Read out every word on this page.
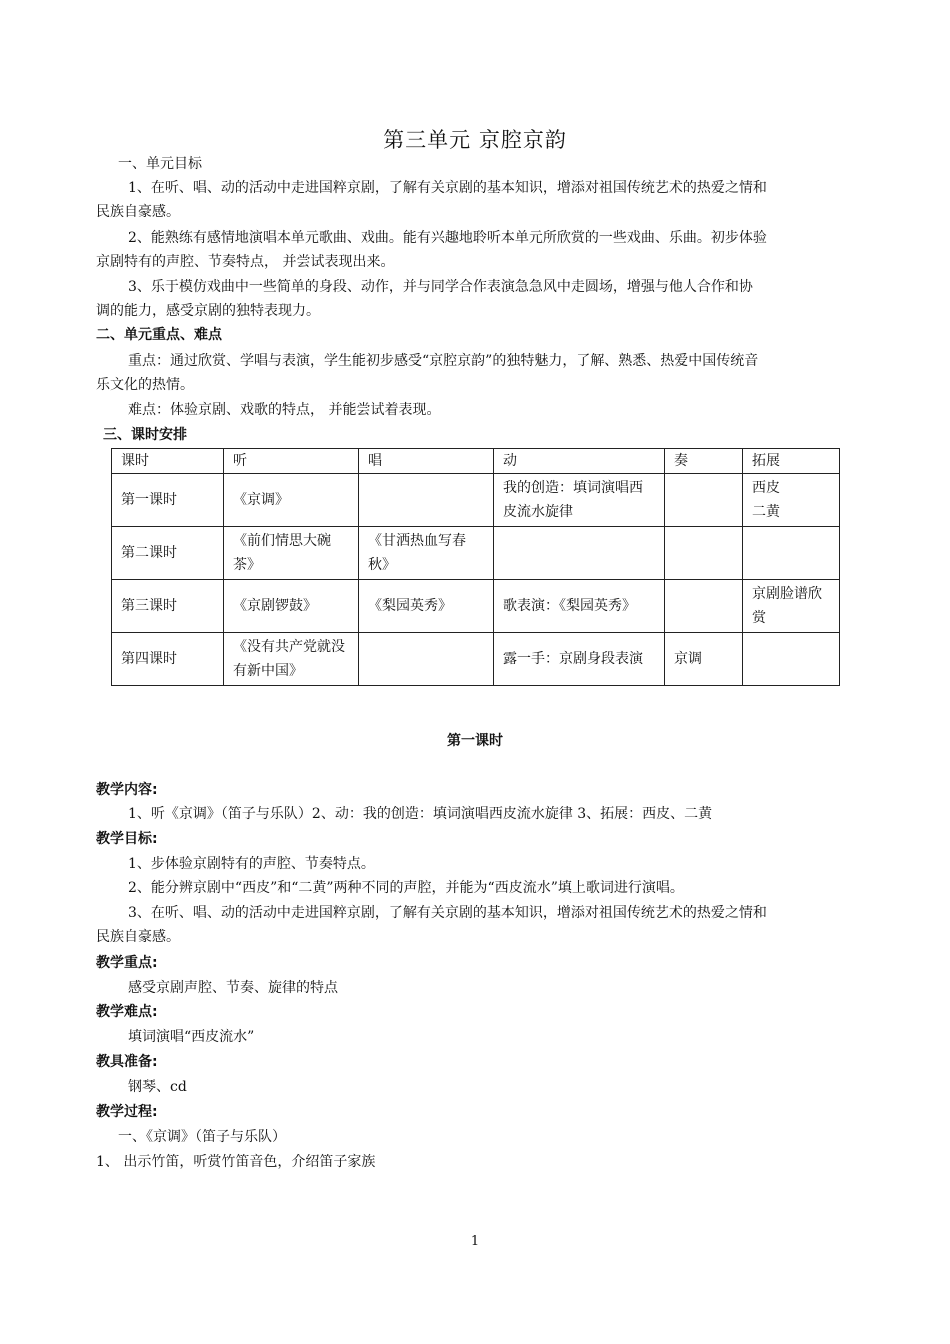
第三单元 京腔京韵
一、单元目标
1、在听、唱、动的活动中走进国粹京剧，了解有关京剧的基本知识，增添对祖国传统艺术的热爱之情和
民族自豪感。
2、能熟练有感情地演唱本单元歌曲、戏曲。能有兴趣地聆听本单元所欣赏的一些戏曲、乐曲。初步体验
京剧特有的声腔、节奏特点， 并尝试表现出来。
3、乐于模仿戏曲中一些简单的身段、动作，并与同学合作表演急急风中走圆场，增强与他人合作和协
调的能力，感受京剧的独特表现力。
二、单元重点、难点
重点：通过欣赏、学唱与表演，学生能初步感受“京腔京韵”的独特魅力，了解、熟悉、热爱中国传统音
乐文化的热情。
难点：体验京剧、戏歌的特点， 并能尝试着表现。
三、课时安排
课时	听	唱	动	奏	拓展
第一课时	《京调》		我的创造：填词演唱西皮流水旋律		西皮
二黄
第二课时	《前们情思大碗茶》	《甘洒热血写春秋》			
第三课时	《京剧锣鼓》	《梨园英秀》	歌表演：《梨园英秀》		京剧脸谱欣赏
第四课时	《没有共产党就没有新中国》		露一手：京剧身段表演	京调	
第一课时
教学内容:
1、听《京调》（笛子与乐队）2、动：我的创造：填词演唱西皮流水旋律 3、拓展：西皮、二黄
教学目标:
1、步体验京剧特有的声腔、节奏特点。
2、能分辨京剧中“西皮”和“二黄”两种不同的声腔，并能为“西皮流水”填上歌词进行演唱。
3、在听、唱、动的活动中走进国粹京剧，了解有关京剧的基本知识，增添对祖国传统艺术的热爱之情和
民族自豪感。
教学重点:
感受京剧声腔、节奏、旋律的特点
教学难点:
填词演唱“西皮流水”
教具准备:
钢琴、cd
教学过程:
一、《京调》（笛子与乐队）
1、 出示竹笛，听赏竹笛音色，介绍笛子家族
1
